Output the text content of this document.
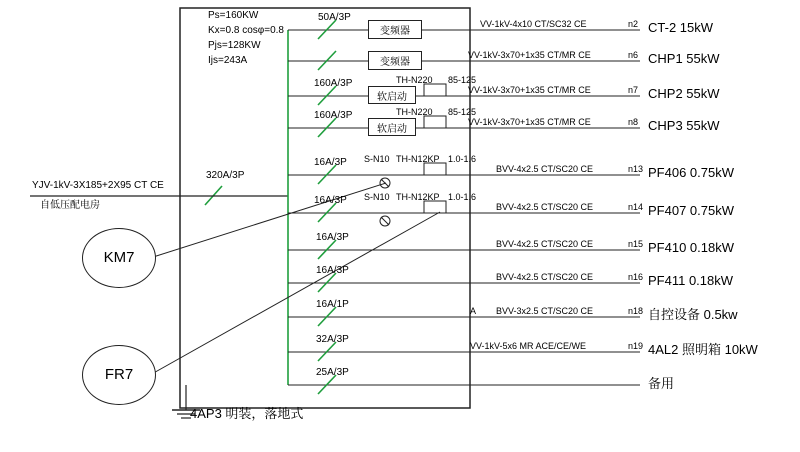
Ps=160KW
Kx=0.8 cosφ=0.8
Pjs=128KW
Ijs=243A
YJV-1kV-3X185+2X95 CT CE
自低压配电房
320A/3P
4AP3 明装，落地式
KM7
FR7
50A/3P
变频器
变频器
VV-1kV-4x10 CT/SC32 CE	n2 CT-2 15kW
VV-1kV-3x70+1x35 CT/MR CE	n6 CHP1 55kW
160A/3P
软启动
TH-N220 85-125
VV-1kV-3x70+1x35 CT/MR CE	n7 CHP2 55kW
160A/3P
软启动
TH-N220 85-125
VV-1kV-3x70+1x35 CT/MR CE	n8 CHP3 55kW
16A/3P S-N10 TH-N12KP 1.0-1.6
BVV-4x2.5 CT/SC20 CE	n13 PF406 0.75kW
16A/3P S-N10 TH-N12KP 1.0-1.6
BVV-4x2.5 CT/SC20 CE	n14 PF407 0.75kW
16A/3P
BVV-4x2.5 CT/SC20 CE	n15 PF410 0.18kW
16A/3P
BVV-4x2.5 CT/SC20 CE	n16 PF411 0.18kW
16A/1P
A BVV-3x2.5 CT/SC20 CE	n18 自控设备 0.5kw
32A/3P
VV-1kV-5x6 MR ACE/CE/WE	n19 4AL2 照明箱 10kW
25A/3P
备用
